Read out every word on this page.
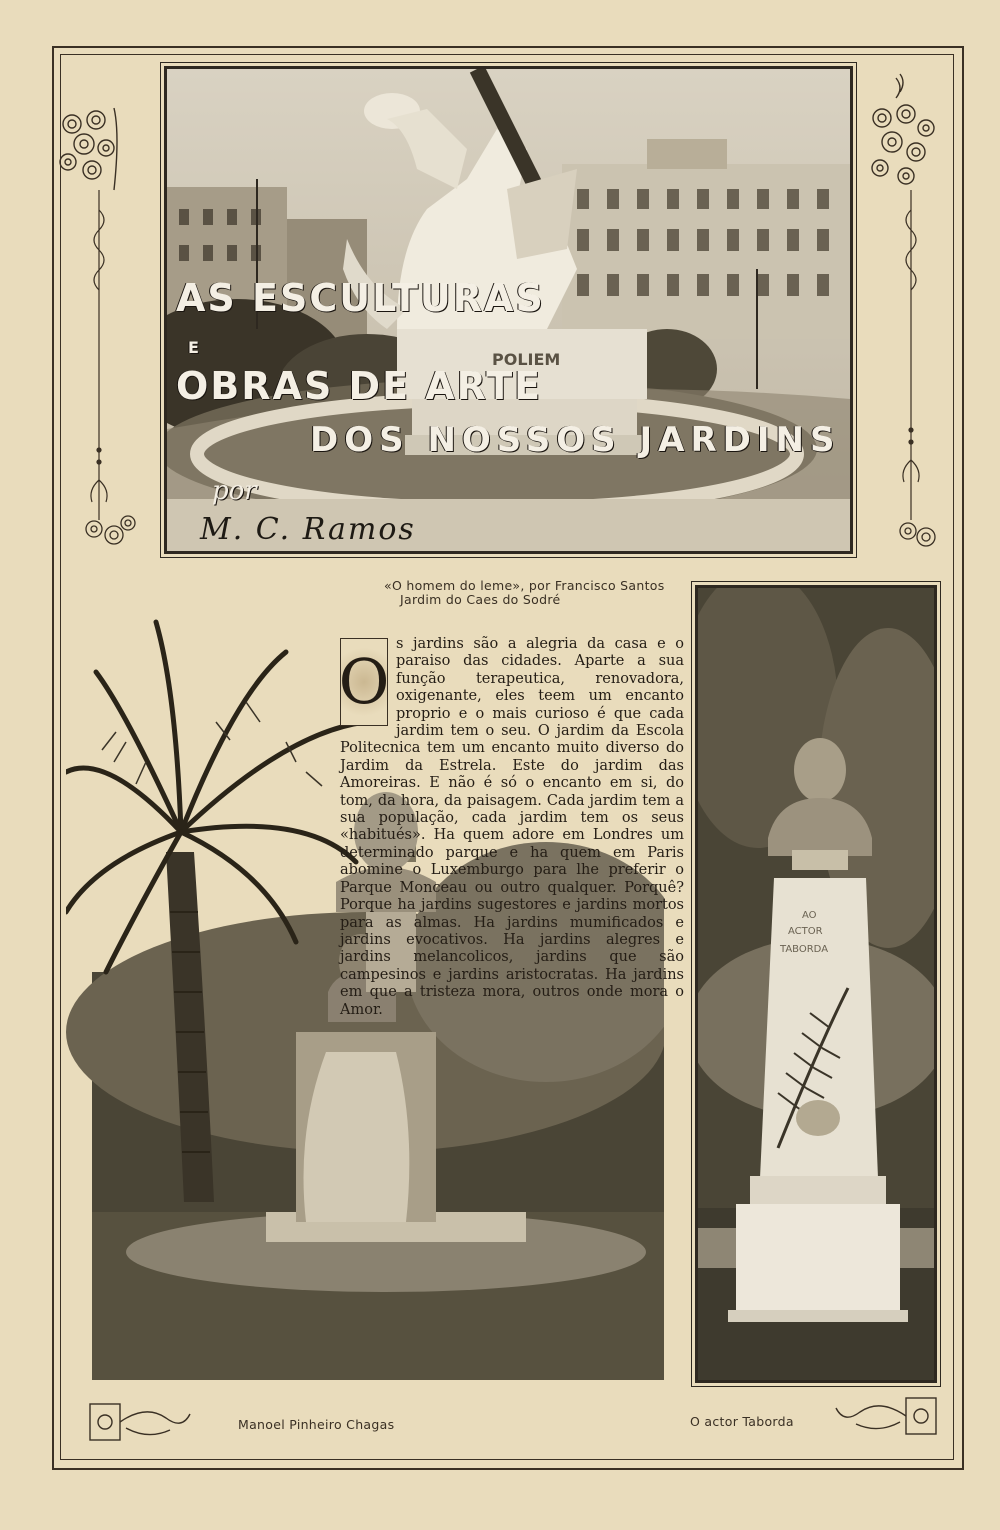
POLIEM
AS ESCULTURAS
E
OBRAS DE ARTE
DOS NOSSOS JARDINS
por
M. C. Ramos
«O homem do leme», por Francisco Santos
Jardim do Caes do Sodré
O
s jardins são a alegria da casa e o paraiso das cidades. Aparte a sua função terapeutica, renovadora, oxigenante, eles teem um encanto proprio e o mais curioso é que cada jardim tem o seu. O jardim da Escola Politecnica tem um encanto muito diverso do Jardim da Estrela. Este do jardim das Amoreiras. E não é só o encanto em si, do tom, da hora, da paisagem. Cada jardim tem a sua população, cada jardim tem os seus «habitués». Ha quem adore em Londres um determinado parque e ha quem em Paris abomine o Luxemburgo para lhe preferir o Parque Monceau ou outro qualquer. Porquê? Porque ha jardins sugestores e jardins mortos para as almas. Ha jardins mumificados e jardins evocativos. Ha jardins alegres e jardins melancolicos, jardins que são campesinos e jardins aristocratas. Ha jardins em que a tristeza mora, outros onde mora o Amor.
AO
ACTOR
TABORDA
Manoel Pinheiro Chagas	O actor Taborda
